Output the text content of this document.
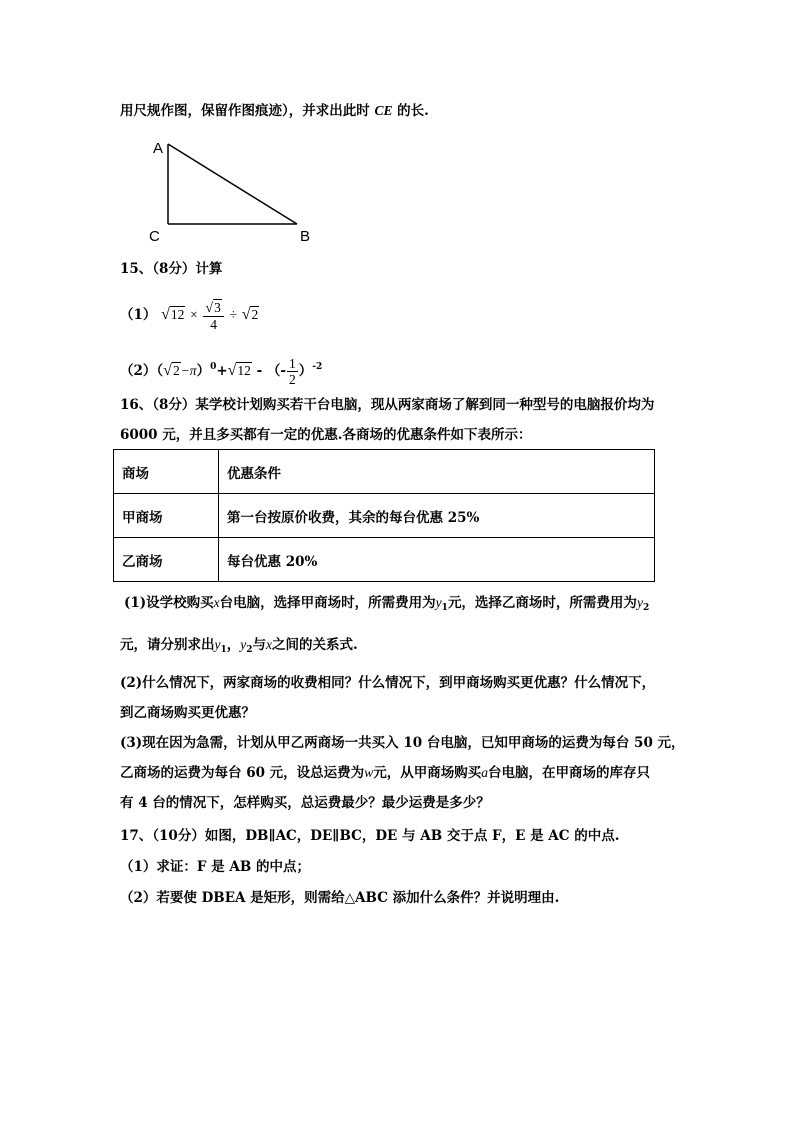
用尺规作图，保留作图痕迹），并求出此时 CE 的长.
A
C	B
15、（8分）计算
（1） $√12 \times \frac{√3}{4} \div √2$
$(2)(√2-\pi)^0+√12$ - （- $\frac{1}{2} )^{-2}$
16、（8分）某学校计划购买若干台电脑，现从两家商场了解到同一种型号的电脑报价均为
6000 元，并且多买都有一定的优惠.各商场的优惠条件如下表所示：
商场	优惠条件
甲商场	第一台按原价收费，其余的每台优惠 25%
乙商场	每台优惠 20%
(1)设学校购买x台电脑，选择甲商场时，所需费用为$y_1$元，选择乙商场时，所需费用为$y_2$
元，请分别求出$y_1$，$y_2$与x之间的关系式.
(2)什么情况下，两家商场的收费相同？什么情况下，到甲商场购买更优惠？什么情况下，
到乙商场购买更优惠？
(3)现在因为急需，计划从甲乙两商场一共买入 10 台电脑，已知甲商场的运费为每台 50 元，
乙商场的运费为每台 60 元，设总运费为w元，从甲商场购买a台电脑，在甲商场的库存只
有 4 台的情况下，怎样购买，总运费最少？最少运费是多少？
17、（10分）如图，DB∥AC，DE∥BC，DE 与 AB 交于点 F，E 是 AC 的中点.
（1）求证：F 是 AB 的中点；
（2）若要使 DBEA 是矩形，则需给△ABC 添加什么条件？并说明理由.
